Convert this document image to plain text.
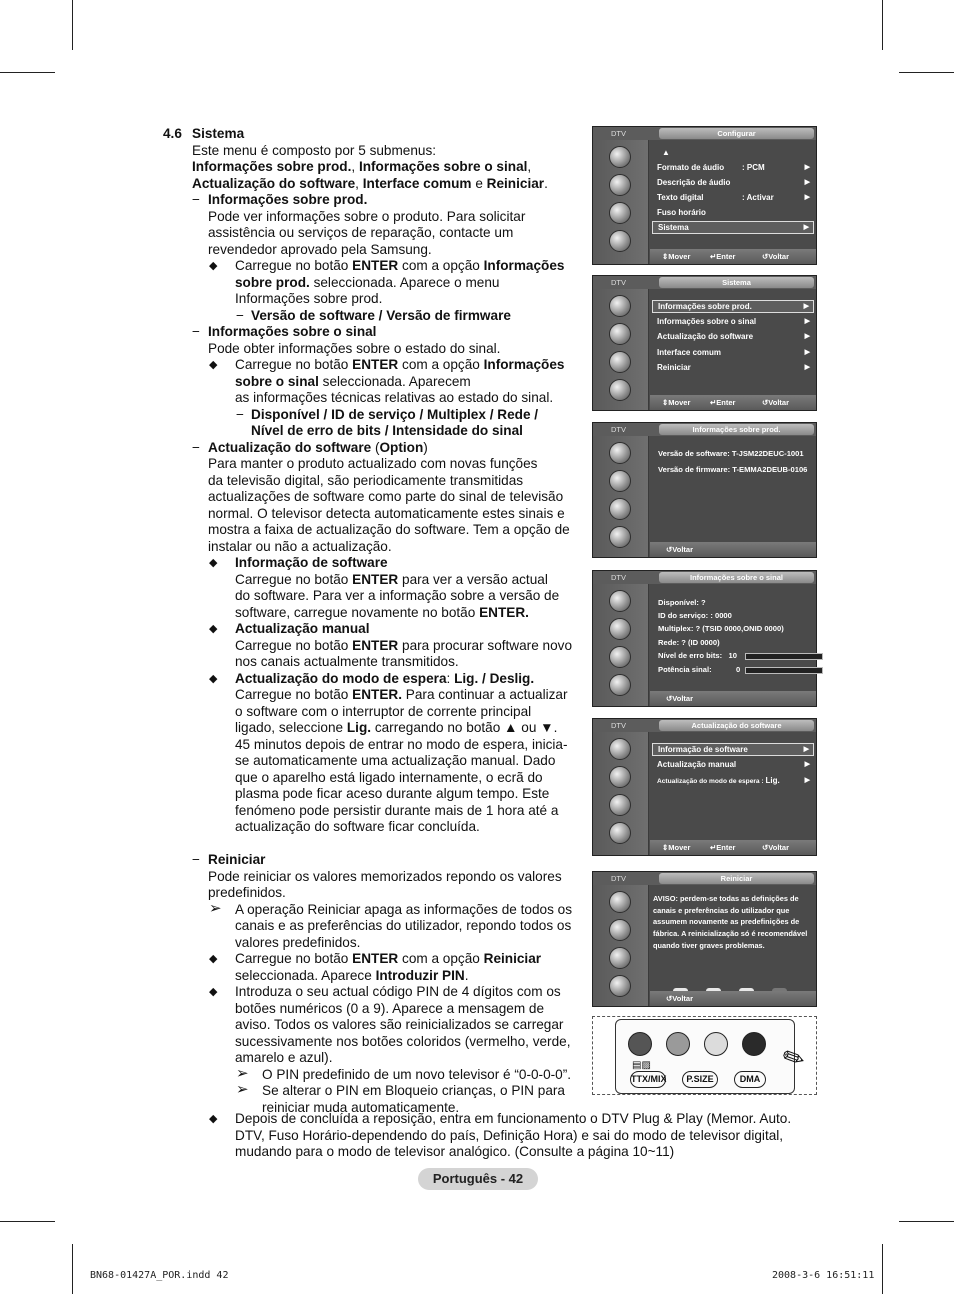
4.6 Sistema
Este menu é composto por 5 submenus:
Informações sobre prod., Informações sobre o sinal,
Actualização do software, Interface comum e Reiniciar.
− Informações sobre prod.
Pode ver informações sobre o produto. Para solicitar
assistência ou serviços de reparação, contacte um
revendedor aprovado pela Samsung.
◆ Carregue no botão ENTER com a opção Informações
sobre prod. seleccionada. Aparece o menu
Informações sobre prod.
− Versão de software / Versão de firmware
− Informações sobre o sinal
Pode obter informações sobre o estado do sinal.
◆ Carregue no botão ENTER com a opção Informações
sobre o sinal seleccionada. Aparecem
as informações técnicas relativas ao estado do sinal.
− Disponível / ID de serviço / Multiplex / Rede /
Nível de erro de bits / Intensidade do sinal
− Actualização do software (Option)
Para manter o produto actualizado com novas funções
da televisão digital, são periodicamente transmitidas
actualizações de software como parte do sinal de televisão
normal. O televisor detecta automaticamente estes sinais e
mostra a faixa de actualização do software. Tem a opção de
instalar ou não a actualização.
◆ Informação de software
Carregue no botão ENTER para ver a versão actual
do software. Para ver a informação sobre a versão de
software, carregue novamente no botão ENTER.
◆ Actualização manual
Carregue no botão ENTER para procurar software novo
nos canais actualmente transmitidos.
◆ Actualização do modo de espera: Lig. / Deslig.
Carregue no botão ENTER. Para continuar a actualizar
o software com o interruptor de corrente principal
ligado, seleccione Lig. carregando no botão ▲ ou ▼.
45 minutos depois de entrar no modo de espera, inicia-
se automaticamente uma actualização manual. Dado
que o aparelho está ligado internamente, o ecrã do
plasma pode ficar aceso durante algum tempo. Este
fenómeno pode persistir durante mais de 1 hora até a
actualização do software ficar concluída.
− Reiniciar
Pode reiniciar os valores memorizados repondo os valores
predefinidos.
➢ A operação Reiniciar apaga as informações de todos os
canais e as preferências do utilizador, repondo todos os
valores predefinidos.
◆ Carregue no botão ENTER com a opção Reiniciar
seleccionada. Aparece Introduzir PIN.
◆ Introduza o seu actual código PIN de 4 dígitos com os
botões numéricos (0 a 9). Aparece a mensagem de
aviso. Todos os valores são reinicializados se carregar
sucessivamente nos botões coloridos (vermelho, verde,
amarelo e azul).
➢ O PIN predefinido de um novo televisor é “0-0-0-0”.
➢ Se alterar o PIN em Bloqueio crianças, o PIN para
reiniciar muda automaticamente.
◆ Depois de concluída a reposição, entra em funcionamento o DTV Plug & Play (Memor. Auto.
DTV, Fuso Horário-dependendo do país, Definição Hora) e sai do modo de televisor digital,
mudando para o modo de televisor analógico. (Consulte a página 10~11)
DTV	Configurar
▲
Formato de áudio : PCM	▶
Descrição de áudio	▶
Texto digital	: Activar	▶
Fuso horário
Sistema	▶
⇕ Mover	↵ Enter	↺ Voltar
DTV	Sistema
Informações sobre prod.	▶
Informações sobre o sinal	▶
Actualização do software	▶
Interface comum	▶
Reiniciar	▶
⇕ Mover	↵ Enter	↺ Voltar
DTV	Informações sobre prod.
Versão de software: T-JSM22DEUC-1001
Versão de firmware: T-EMMA2DEUB-0106
↺ Voltar
DTV	Informações sobre o sinal
Disponível: ?
ID do serviço: : 0000
Multiplex: ? (TSID 0000,ONID 0000)
Rede: ? (ID 0000)
Nível de erro bits: 10
Potência sinal:	0
↺ Voltar
DTV	Actualização do software
Informação de software	▶
Actualização manual	▶
Actualização do modo de espera : Lig.	▶
⇕ Mover	↵ Enter	↺ Voltar
DTV	Reiniciar
AVISO: perdem-se todas as definições de
canais e preferências do utilizador que
assumem novamente as predefinições de
fábrica. A reinicialização só é recomendável
quando tiver graves problemas.
↺ Voltar
▤▨
TTX/MIX	P.SIZE	DMA
✎
Português - 42
BN68-01427A_POR.indd 42	2008-3-6 16:51:11
